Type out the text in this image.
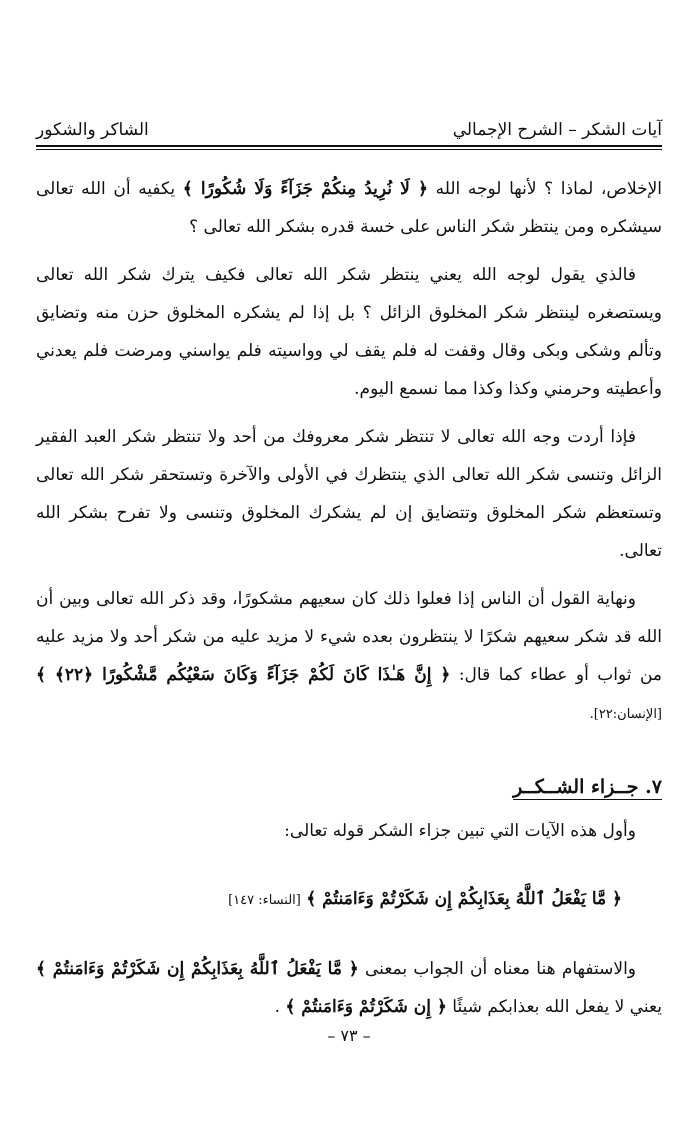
آيات الشكر – الشرح الإجمالي
الشاكر والشكور

الإخلاص، لماذا ؟ لأنها لوجه الله ﴿ لَا نُرِيدُ مِنكُمْ جَزَآءً وَلَا شُكُورًا ﴾ يكفيه أن الله تعالى سيشكره ومن ينتظر شكر الناس على خسة قدره بشكر الله تعالى ؟

فالذي يقول لوجه الله يعني ينتظر شكر الله تعالى فكيف يترك شكر الله تعالى ويستصغره لينتظر شكر المخلوق الزائل ؟ بل إذا لم يشكره المخلوق حزن منه وتضايق وتألم وشكى وبكى وقال وقفت له فلم يقف لي وواسيته فلم يواسني ومرضت فلم يعدني وأعطيته وحرمني وكذا وكذا مما نسمع اليوم.

فإذا أردت وجه الله تعالى لا تنتظر شكر معروفك من أحد ولا تنتظر شكر العبد الفقير الزائل وتنسى شكر الله تعالى الذي ينتظرك في الأولى والآخرة وتستحقر شكر الله تعالى وتستعظم شكر المخلوق وتتضايق إن لم يشكرك المخلوق وتنسى ولا تفرح بشكر الله تعالى.

ونهاية القول أن الناس إذا فعلوا ذلك كان سعيهم مشكورًا، وقد ذكر الله تعالى وبين أن الله قد شكر سعيهم شكرًا لا ينتظرون بعده شيء لا مزيد عليه من شكر أحد ولا مزيد عليه من ثواب أو عطاء كما قال: ﴿ إِنَّ هَـٰذَا كَانَ لَكُمْ جَزَآءً وَكَانَ سَعْيُكُم مَّشْكُورًا ﴿٢٢﴾ ﴾ [الإنسان:٢٢].

٧. جــزاء الشــكــر

وأول هذه الآيات التي تبين جزاء الشكر قوله تعالى:

﴿ مَّا يَفْعَلُ ٱللَّهُ بِعَذَابِكُمْ إِن شَكَرْتُمْ وَءَامَنتُمْ ﴾ [النساء: ١٤٧]

والاستفهام هنا معناه أن الجواب بمعنى ﴿ مَّا يَفْعَلُ ٱللَّهُ بِعَذَابِكُمْ إِن شَكَرْتُمْ وَءَامَنتُمْ ﴾ يعني لا يفعل الله بعذابكم شيئًا ﴿ إِن شَكَرْتُمْ وَءَامَنتُمْ ﴾ .

– ٧٣ –
